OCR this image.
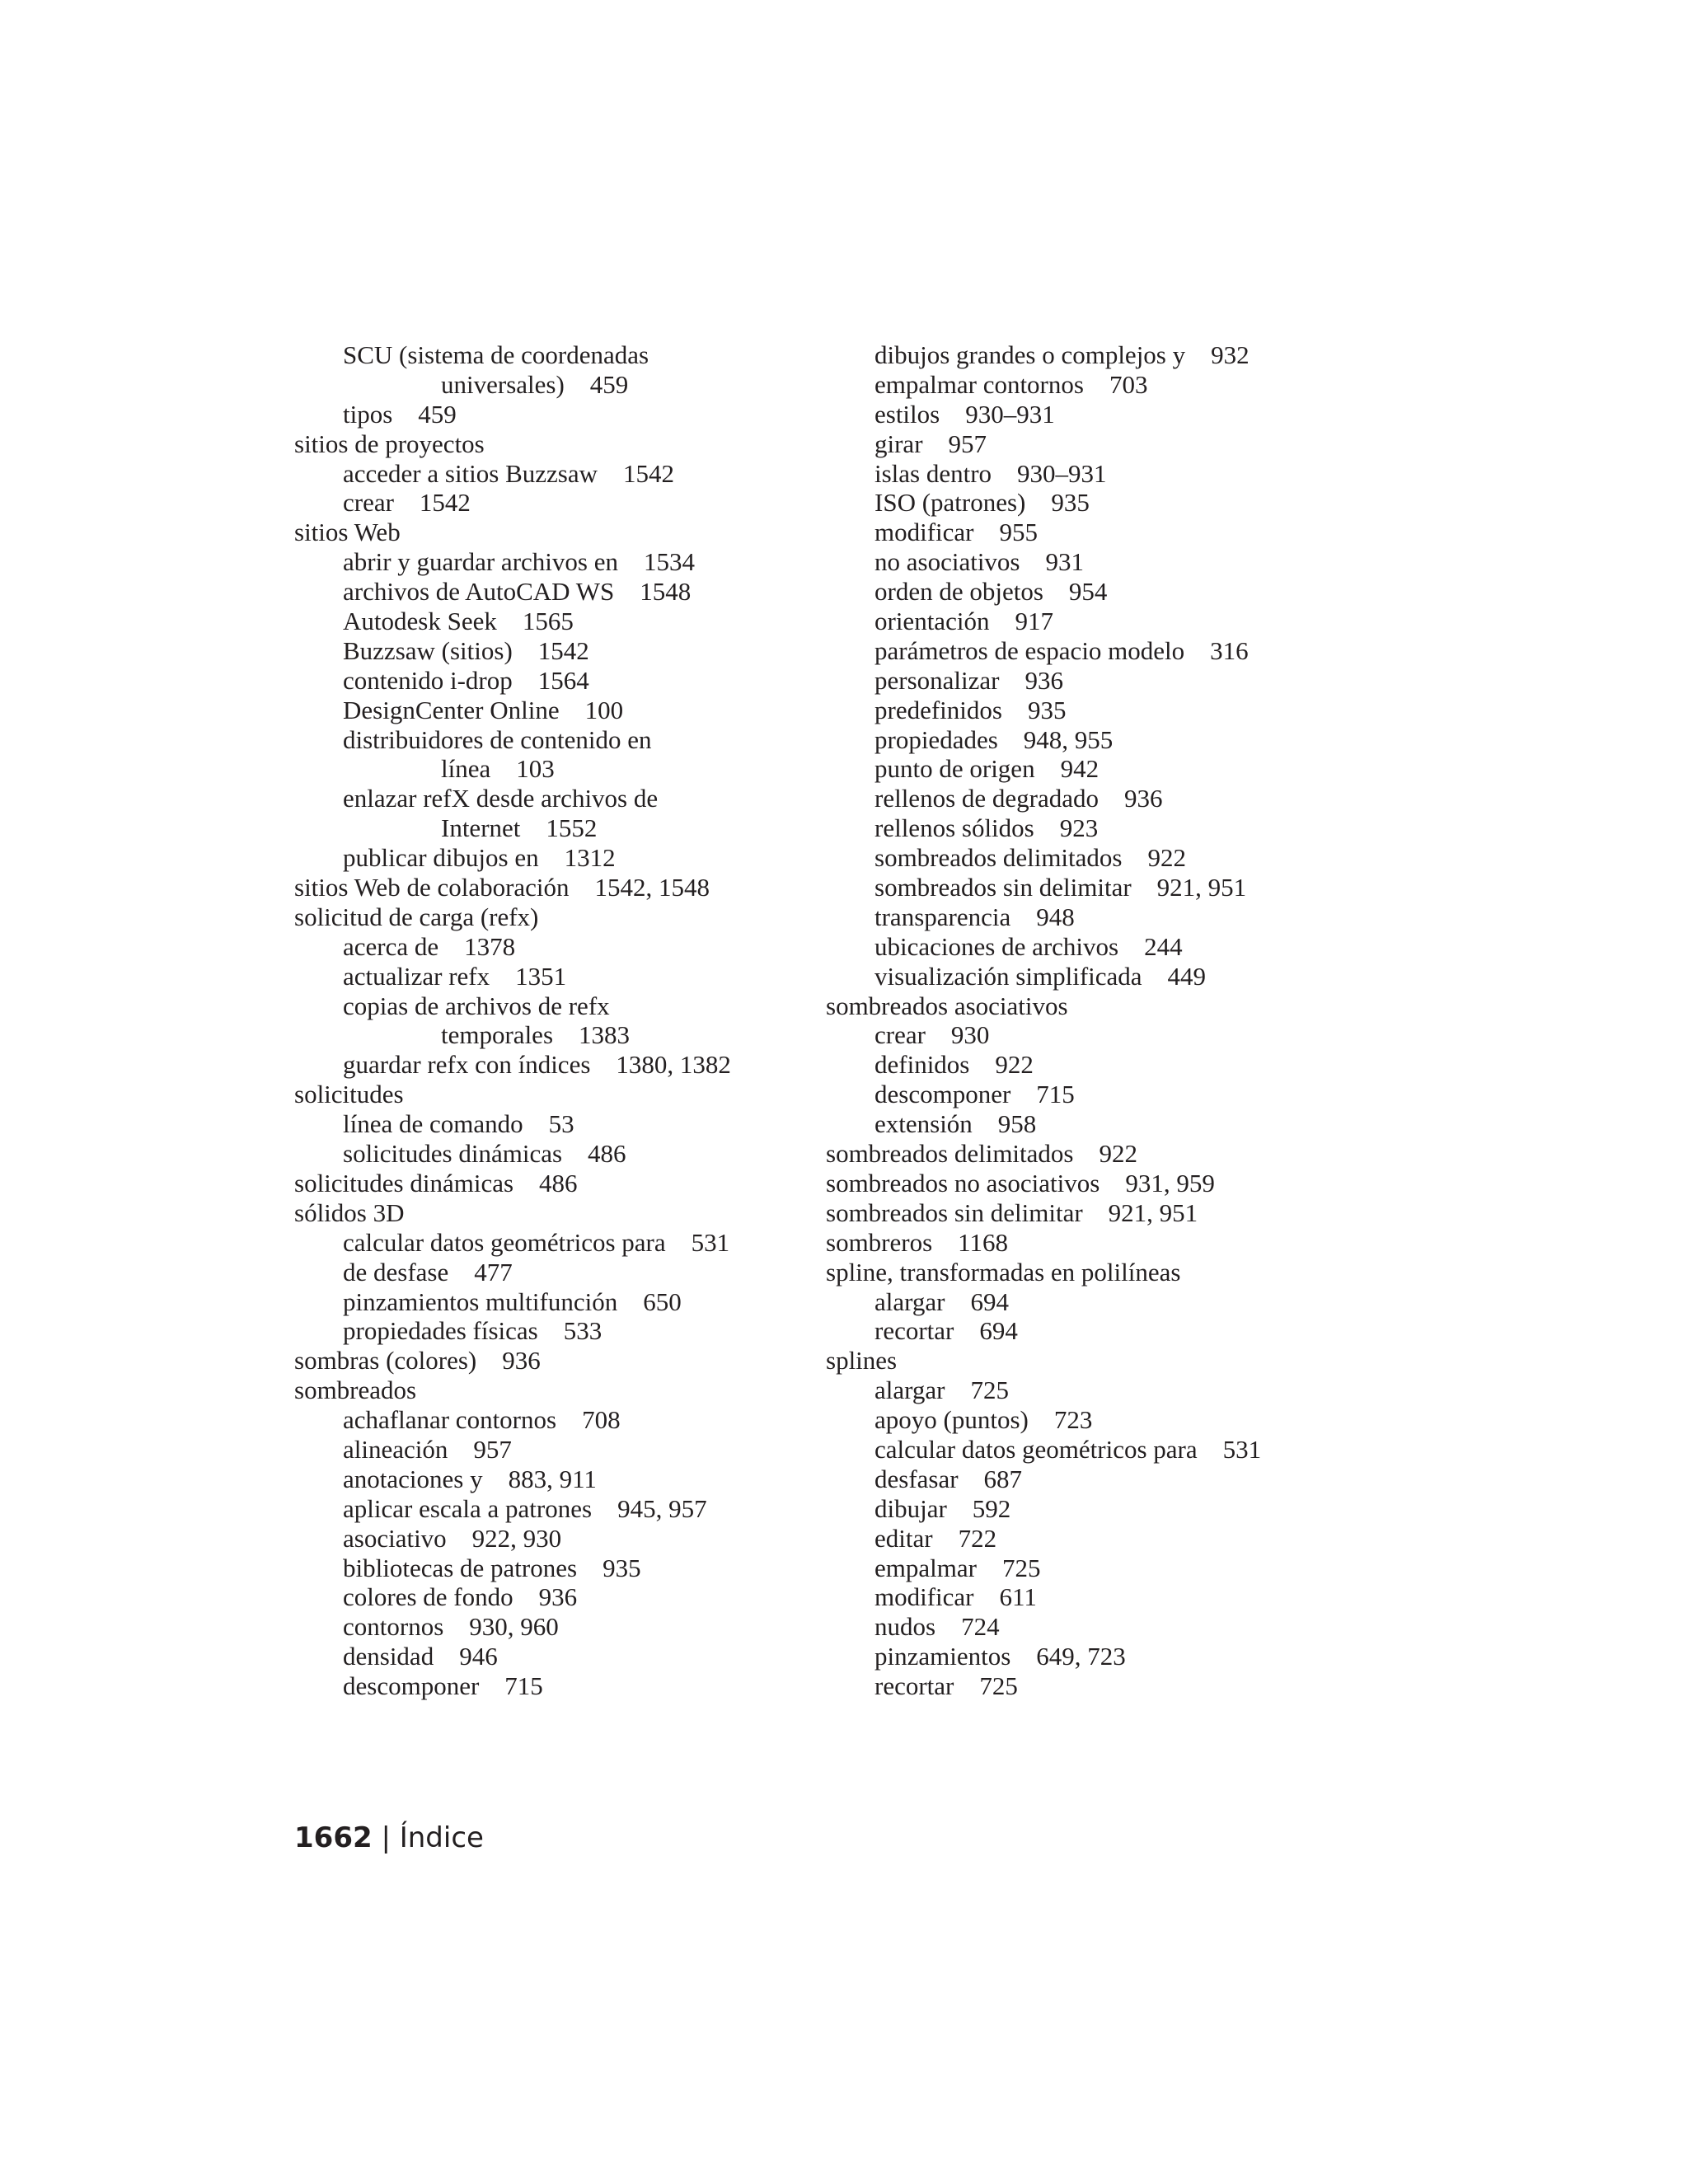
SCU (sistema de coordenadas
universales)    459
tipos    459
sitios de proyectos
acceder a sitios Buzzsaw    1542
crear    1542
sitios Web
abrir y guardar archivos en    1534
archivos de AutoCAD WS    1548
Autodesk Seek    1565
Buzzsaw (sitios)    1542
contenido i-drop    1564
DesignCenter Online    100
distribuidores de contenido en
línea    103
enlazar refX desde archivos de
Internet    1552
publicar dibujos en    1312
sitios Web de colaboración    1542, 1548
solicitud de carga (refx)
acerca de    1378
actualizar refx    1351
copias de archivos de refx
temporales    1383
guardar refx con índices    1380, 1382
solicitudes
línea de comando    53
solicitudes dinámicas    486
solicitudes dinámicas    486
sólidos 3D
calcular datos geométricos para    531
de desfase    477
pinzamientos multifunción    650
propiedades físicas    533
sombras (colores)    936
sombreados
achaflanar contornos    708
alineación    957
anotaciones y    883, 911
aplicar escala a patrones    945, 957
asociativo    922, 930
bibliotecas de patrones    935
colores de fondo    936
contornos    930, 960
densidad    946
descomponer    715
dibujos grandes o complejos y    932
empalmar contornos    703
estilos    930–931
girar    957
islas dentro    930–931
ISO (patrones)    935
modificar    955
no asociativos    931
orden de objetos    954
orientación    917
parámetros de espacio modelo    316
personalizar    936
predefinidos    935
propiedades    948, 955
punto de origen    942
rellenos de degradado    936
rellenos sólidos    923
sombreados delimitados    922
sombreados sin delimitar    921, 951
transparencia    948
ubicaciones de archivos    244
visualización simplificada    449
sombreados asociativos
crear    930
definidos    922
descomponer    715
extensión    958
sombreados delimitados    922
sombreados no asociativos    931, 959
sombreados sin delimitar    921, 951
sombreros    1168
spline, transformadas en polilíneas
alargar    694
recortar    694
splines
alargar    725
apoyo (puntos)    723
calcular datos geométricos para    531
desfasar    687
dibujar    592
editar    722
empalmar    725
modificar    611
nudos    724
pinzamientos    649, 723
recortar    725
1662 | Índice
